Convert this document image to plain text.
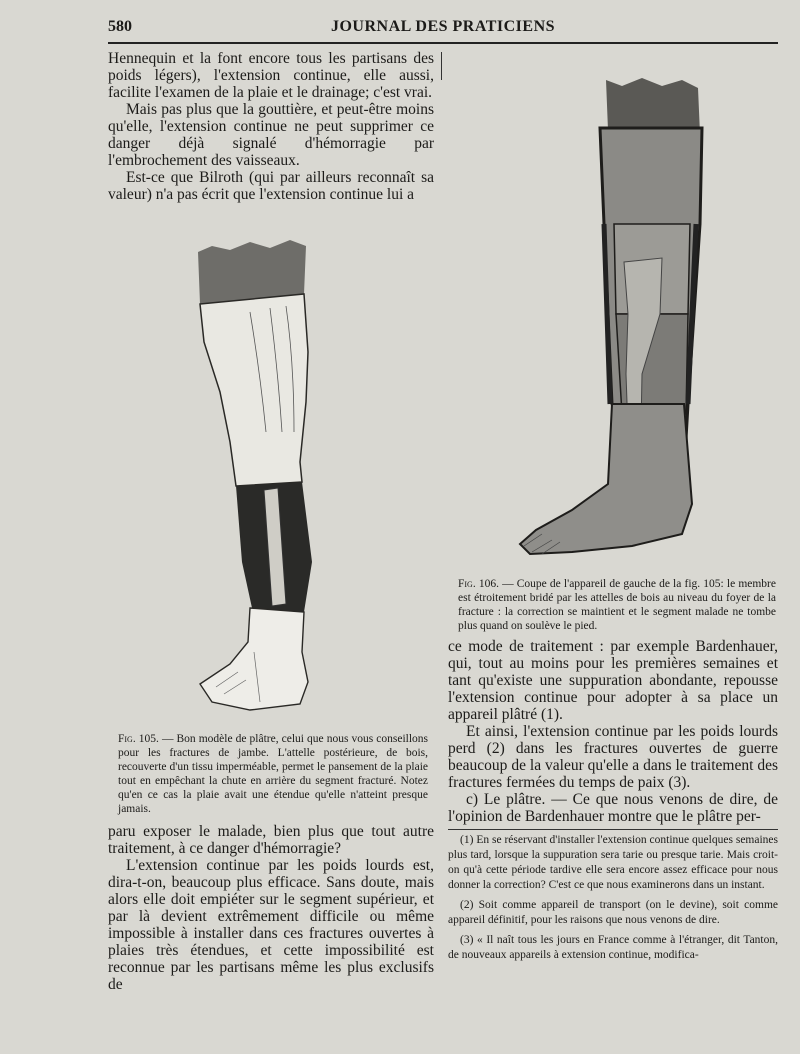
580	JOURNAL DES PRATICIENS

Hennequin et la font encore tous les partisans des poids légers), l'extension continue, elle aussi, facilite l'examen de la plaie et le drainage; c'est vrai.

Mais pas plus que la gouttière, et peut-être moins qu'elle, l'extension continue ne peut supprimer ce danger déjà signalé d'hémorragie par l'embrochement des vaisseaux.

Est-ce que Bilroth (qui par ailleurs reconnaît sa valeur) n'a pas écrit que l'extension continue lui a

Fig. 105. — Bon modèle de plâtre, celui que nous vous conseillons pour les fractures de jambe. L'attelle postérieure, de bois, recouverte d'un tissu imperméable, permet le pansement de la plaie tout en empêchant la chute en arrière du segment fracturé. Notez qu'en ce cas la plaie avait une étendue qu'elle n'atteint presque jamais.

paru exposer le malade, bien plus que tout autre traitement, à ce danger d'hémorragie?

L'extension continue par les poids lourds est, dira-t-on, beaucoup plus efficace. Sans doute, mais alors elle doit empiéter sur le segment supérieur, et par là devient extrêmement difficile ou même impossible à installer dans ces fractures ouvertes à plaies très étendues, et cette impossibilité est reconnue par les partisans même les plus exclusifs de

Fig. 106. — Coupe de l'appareil de gauche de la fig. 105: le membre est étroitement bridé par les attelles de bois au niveau du foyer de la fracture : la correction se maintient et le segment malade ne tombe plus quand on soulève le pied.

ce mode de traitement : par exemple Bardenhauer, qui, tout au moins pour les premières semaines et tant qu'existe une suppuration abondante, repousse l'extension continue pour adopter à sa place un appareil plâtré (1).

Et ainsi, l'extension continue par les poids lourds perd (2) dans les fractures ouvertes de guerre beaucoup de la valeur qu'elle a dans le traitement des fractures fermées du temps de paix (3).

c) Le plâtre. — Ce que nous venons de dire, de l'opinion de Bardenhauer montre que le plâtre per-

(1) En se réservant d'installer l'extension continue quelques semaines plus tard, lorsque la suppuration sera tarie ou presque tarie. Mais croit-on qu'à cette période tardive elle sera encore assez efficace pour nous donner la correction? C'est ce que nous examinerons dans un instant.

(2) Soit comme appareil de transport (on le devine), soit comme appareil définitif, pour les raisons que nous venons de dire.

(3) « Il naît tous les jours en France comme à l'étranger, dit Tanton, de nouveaux appareils à extension continue, modifica-
